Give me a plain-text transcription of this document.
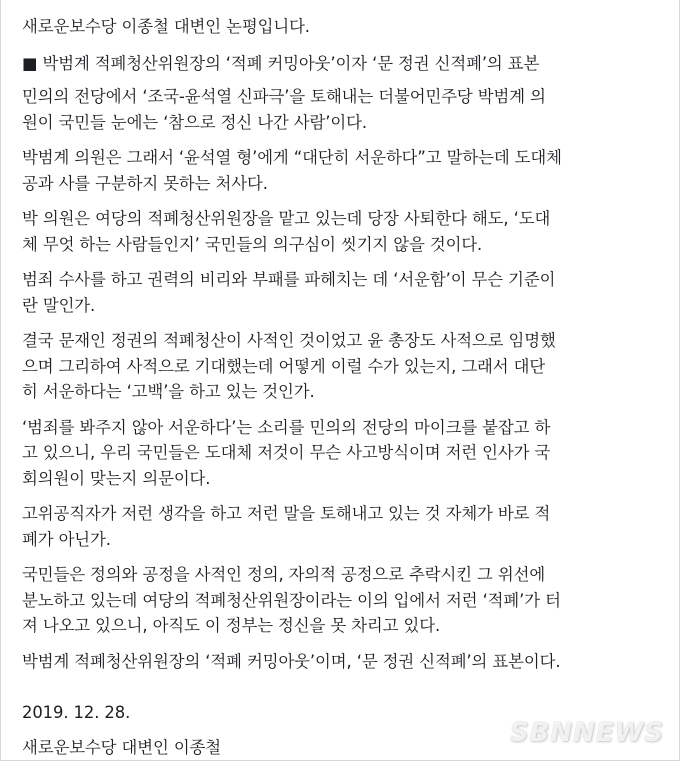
새로운보수당 이종철 대변인 논평입니다.

■ 박범계 적폐청산위원장의 ‘적폐 커밍아웃’이자 ‘문 정권 신적폐’의 표본

민의의 전당에서 ‘조국-윤석열 신파극’을 토해내는 더불어민주당 박범계 의
원이 국민들 눈에는 ‘참으로 정신 나간 사람’이다.

박범계 의원은 그래서 ‘윤석열 형’에게 “대단히 서운하다”고 말하는데 도대체
공과 사를 구분하지 못하는 처사다.

박 의원은 여당의 적폐청산위원장을 맡고 있는데 당장 사퇴한다 해도, ‘도대
체 무엇 하는 사람들인지’ 국민들의 의구심이 씻기지 않을 것이다.

범죄 수사를 하고 권력의 비리와 부패를 파헤치는 데 ‘서운함’이 무슨 기준이
란 말인가.

결국 문재인 정권의 적폐청산이 사적인 것이었고 윤 총장도 사적으로 임명했
으며 그리하여 사적으로 기대했는데 어떻게 이럴 수가 있는지, 그래서 대단
히 서운하다는 ‘고백’을 하고 있는 것인가.

‘범죄를 봐주지 않아 서운하다’는 소리를 민의의 전당의 마이크를 붙잡고 하
고 있으니, 우리 국민들은 도대체 저것이 무슨 사고방식이며 저런 인사가 국
회의원이 맞는지 의문이다.

고위공직자가 저런 생각을 하고 저런 말을 토해내고 있는 것 자체가 바로 적
폐가 아닌가.

국민들은 정의와 공정을 사적인 정의, 자의적 공정으로 추락시킨 그 위선에
분노하고 있는데 여당의 적폐청산위원장이라는 이의 입에서 저런 ‘적폐’가 터
져 나오고 있으니, 아직도 이 정부는 정신을 못 차리고 있다.

박범계 적폐청산위원장의 ‘적폐 커밍아웃’이며, ‘문 정권 신적폐’의 표본이다.

2019. 12. 28.

새로운보수당 대변인 이종철	SBNNEWS
